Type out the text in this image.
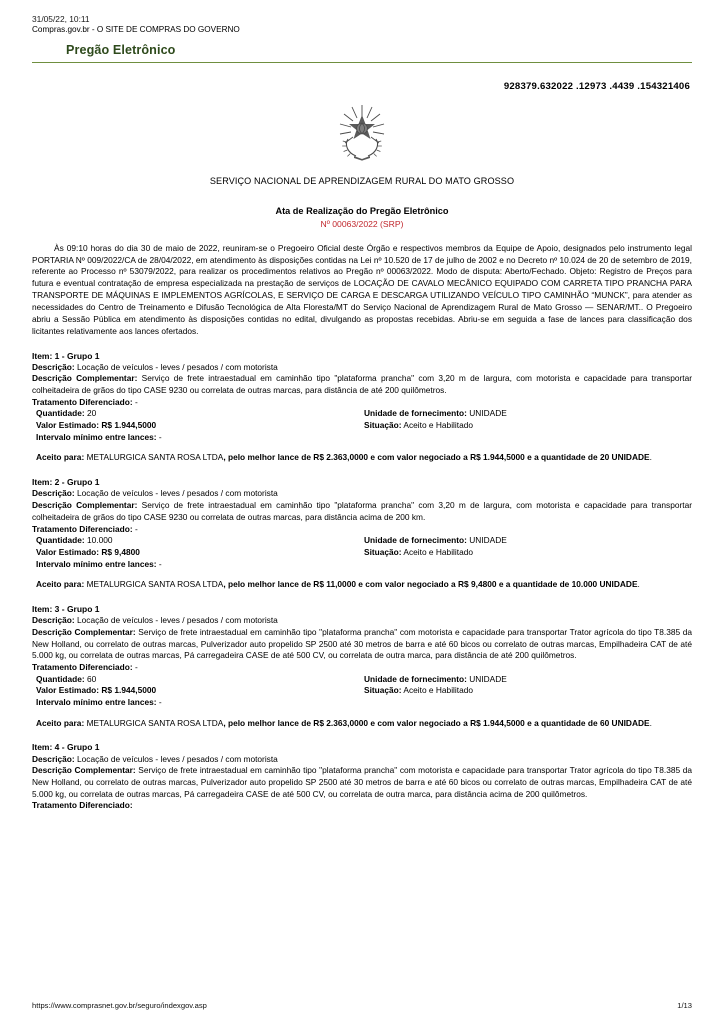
31/05/22, 10:11
Compras.gov.br - O SITE DE COMPRAS DO GOVERNO
Pregão Eletrônico
928379.632022 .12973 .4439 .154321406
SERVIÇO NACIONAL DE APRENDIZAGEM RURAL DO MATO GROSSO
Ata de Realização do Pregão Eletrônico
Nº 00063/2022 (SRP)
Às 09:10 horas do dia 30 de maio de 2022, reuniram-se o Pregoeiro Oficial deste Órgão e respectivos membros da Equipe de Apoio, designados pelo instrumento legal PORTARIA Nº 009/2022/CA de 28/04/2022, em atendimento às disposições contidas na Lei nº 10.520 de 17 de julho de 2002 e no Decreto nº 10.024 de 20 de setembro de 2019, referente ao Processo nº 53079/2022, para realizar os procedimentos relativos ao Pregão nº 00063/2022. Modo de disputa: Aberto/Fechado. Objeto: Registro de Preços para futura e eventual contratação de empresa especializada na prestação de serviços de LOCAÇÃO DE CAVALO MECÂNICO EQUIPADO COM CARRETA TIPO PRANCHA PARA TRANSPORTE DE MÁQUINAS E IMPLEMENTOS AGRÍCOLAS, E SERVIÇO DE CARGA E DESCARGA UTILIZANDO VEÍCULO TIPO CAMINHÃO “MUNCK”, para atender as necessidades do Centro de Treinamento e Difusão Tecnológica de Alta Floresta/MT do Serviço Nacional de Aprendizagem Rural de Mato Grosso — SENAR/MT.. O Pregoeiro abriu a Sessão Pública em atendimento às disposições contidas no edital, divulgando as propostas recebidas. Abriu-se em seguida a fase de lances para classificação dos licitantes relativamente aos lances ofertados.
Item: 1 - Grupo 1
Descrição: Locação de veículos - leves / pesados / com motorista
Descrição Complementar: Serviço de frete intraestadual em caminhão tipo "plataforma prancha" com 3,20 m de largura, com motorista e capacidade para transportar colheitadeira de grãos do tipo CASE 9230 ou correlata de outras marcas, para distância de até 200 quilômetros.
Tratamento Diferenciado: -
Quantidade: 20	Unidade de fornecimento: UNIDADE
Valor Estimado: R$ 1.944,5000	Situação: Aceito e Habilitado
Intervalo mínimo entre lances: -
Aceito para: METALURGICA SANTA ROSA LTDA, pelo melhor lance de R$ 2.363,0000 e com valor negociado a R$ 1.944,5000 e a quantidade de 20 UNIDADE.
Item: 2 - Grupo 1
Descrição: Locação de veículos - leves / pesados / com motorista
Descrição Complementar: Serviço de frete intraestadual em caminhão tipo "plataforma prancha" com 3,20 m de largura, com motorista e capacidade para transportar colheitadeira de grãos do tipo CASE 9230 ou correlata de outras marcas, para distância acima de 200 km.
Tratamento Diferenciado: -
Quantidade: 10.000	Unidade de fornecimento: UNIDADE
Valor Estimado: R$ 9,4800	Situação: Aceito e Habilitado
Intervalo mínimo entre lances: -
Aceito para: METALURGICA SANTA ROSA LTDA, pelo melhor lance de R$ 11,0000 e com valor negociado a R$ 9,4800 e a quantidade de 10.000 UNIDADE.
Item: 3 - Grupo 1
Descrição: Locação de veículos - leves / pesados / com motorista
Descrição Complementar: Serviço de frete intraestadual em caminhão tipo "plataforma prancha" com motorista e capacidade para transportar Trator agrícola do tipo T8.385 da New Holland, ou correlato de outras marcas, Pulverizador auto propelido SP 2500 até 30 metros de barra e até 60 bicos ou correlato de outras marcas, Empilhadeira CAT de até 5.000 kg, ou correlata de outras marcas, Pá carregadeira CASE de até 500 CV, ou correlata de outra marca, para distância de até 200 quilômetros.
Tratamento Diferenciado: -
Quantidade: 60	Unidade de fornecimento: UNIDADE
Valor Estimado: R$ 1.944,5000	Situação: Aceito e Habilitado
Intervalo mínimo entre lances: -
Aceito para: METALURGICA SANTA ROSA LTDA, pelo melhor lance de R$ 2.363,0000 e com valor negociado a R$ 1.944,5000 e a quantidade de 60 UNIDADE.
Item: 4 - Grupo 1
Descrição: Locação de veículos - leves / pesados / com motorista
Descrição Complementar: Serviço de frete intraestadual em caminhão tipo "plataforma prancha" com motorista e capacidade para transportar Trator agrícola do tipo T8.385 da New Holland, ou correlato de outras marcas, Pulverizador auto propelido SP 2500 até 30 metros de barra e até 60 bicos ou correlato de outras marcas, Empilhadeira CAT de até 5.000 kg, ou correlata de outras marcas, Pá carregadeira CASE de até 500 CV, ou correlata de outra marca, para distância acima de 200 quilômetros.
Tratamento Diferenciado:
https://www.comprasnet.gov.br/seguro/indexgov.asp	1/13
